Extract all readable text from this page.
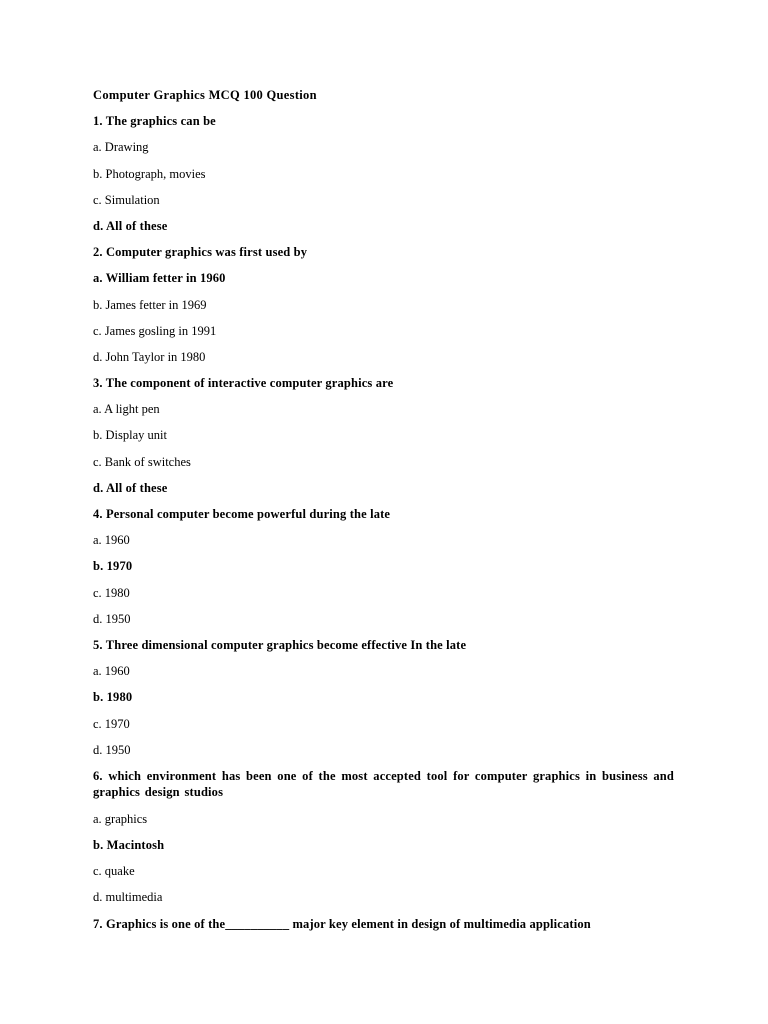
Computer Graphics MCQ 100 Question
1. The graphics can be
a. Drawing
b. Photograph, movies
c. Simulation
d. All of these
2. Computer graphics was first used by
a. William fetter in 1960
b. James fetter in 1969
c. James gosling in 1991
d. John Taylor in 1980
3. The component of interactive computer graphics are
a. A light pen
b. Display unit
c. Bank of switches
d. All of these
4. Personal computer become powerful during the late
a. 1960
b. 1970
c. 1980
d. 1950
5. Three dimensional computer graphics become effective In the late
a. 1960
b. 1980
c. 1970
d. 1950
6. which environment has been one of the most accepted tool for computer graphics in business and graphics design studios
a. graphics
b. Macintosh
c. quake
d. multimedia
7. Graphics is one of the__________ major key element in design of multimedia application
